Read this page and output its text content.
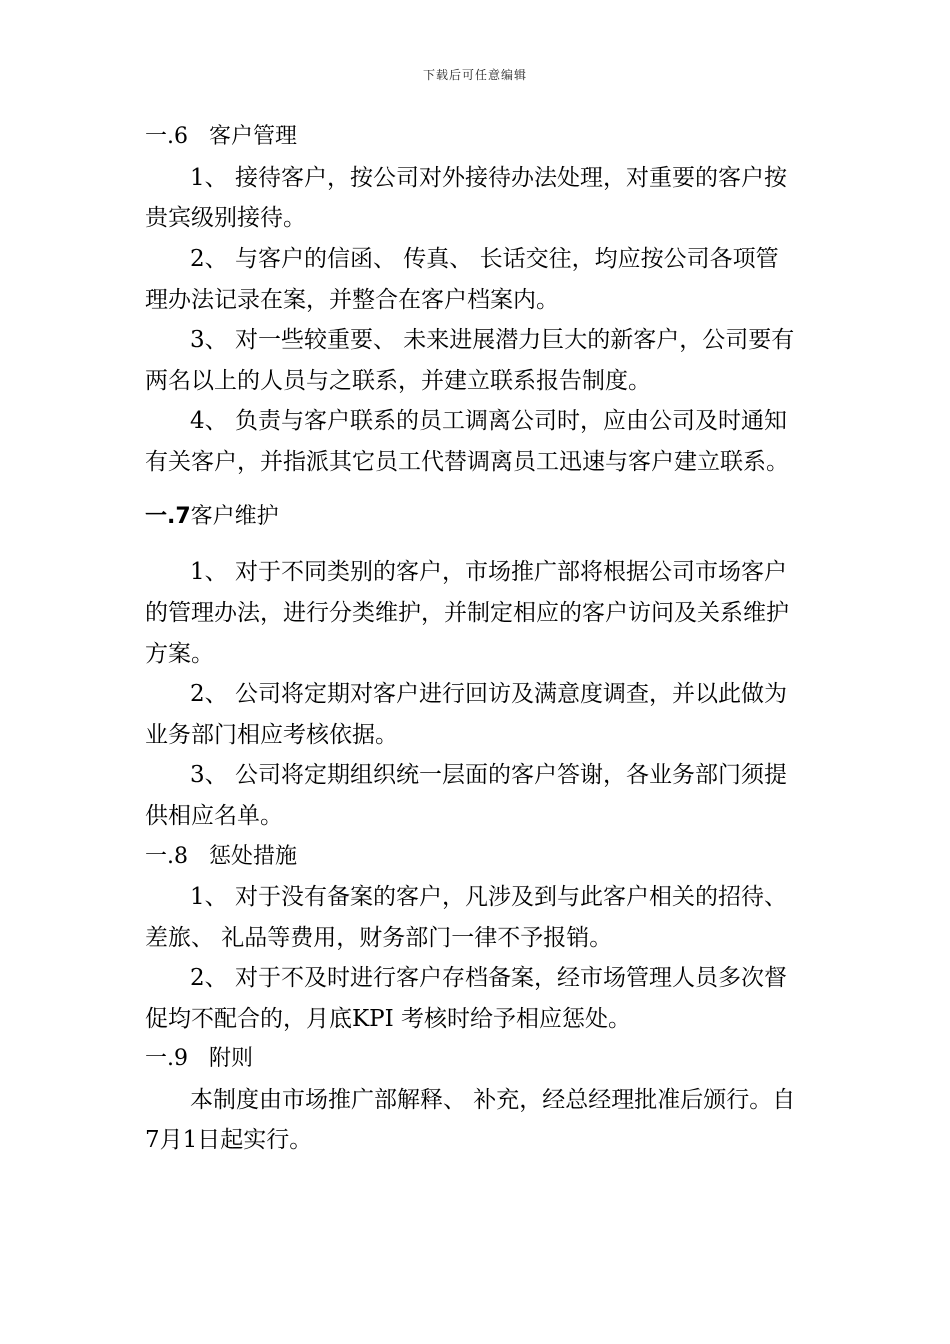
下载后可任意编辑
一.6 客户管理
1、 接待客户，按公司对外接待办法处理，对重要的客户按
贵宾级别接待。
2、 与客户的信函、 传真、 长话交往，均应按公司各项管
理办法记录在案，并整合在客户档案内。
3、 对一些较重要、 未来进展潜力巨大的新客户，公司要有
两名以上的人员与之联系，并建立联系报告制度。
4、 负责与客户联系的员工调离公司时，应由公司及时通知
有关客户，并指派其它员工代替调离员工迅速与客户建立联系。
一.7客户维护
1、 对于不同类别的客户，市场推广部将根据公司市场客户
的管理办法，进行分类维护，并制定相应的客户访问及关系维护
方案。
2、 公司将定期对客户进行回访及满意度调查，并以此做为
业务部门相应考核依据。
3、 公司将定期组织统一层面的客户答谢，各业务部门须提
供相应名单。
一.8 惩处措施
1、 对于没有备案的客户，凡涉及到与此客户相关的招待、
差旅、 礼品等费用，财务部门一律不予报销。
2、 对于不及时进行客户存档备案，经市场管理人员多次督
促均不配合的，月底KPI 考核时给予相应惩处。
一.9 附则
本制度由市场推广部解释、 补充，经总经理批准后颁行。自
7月1日起实行。
